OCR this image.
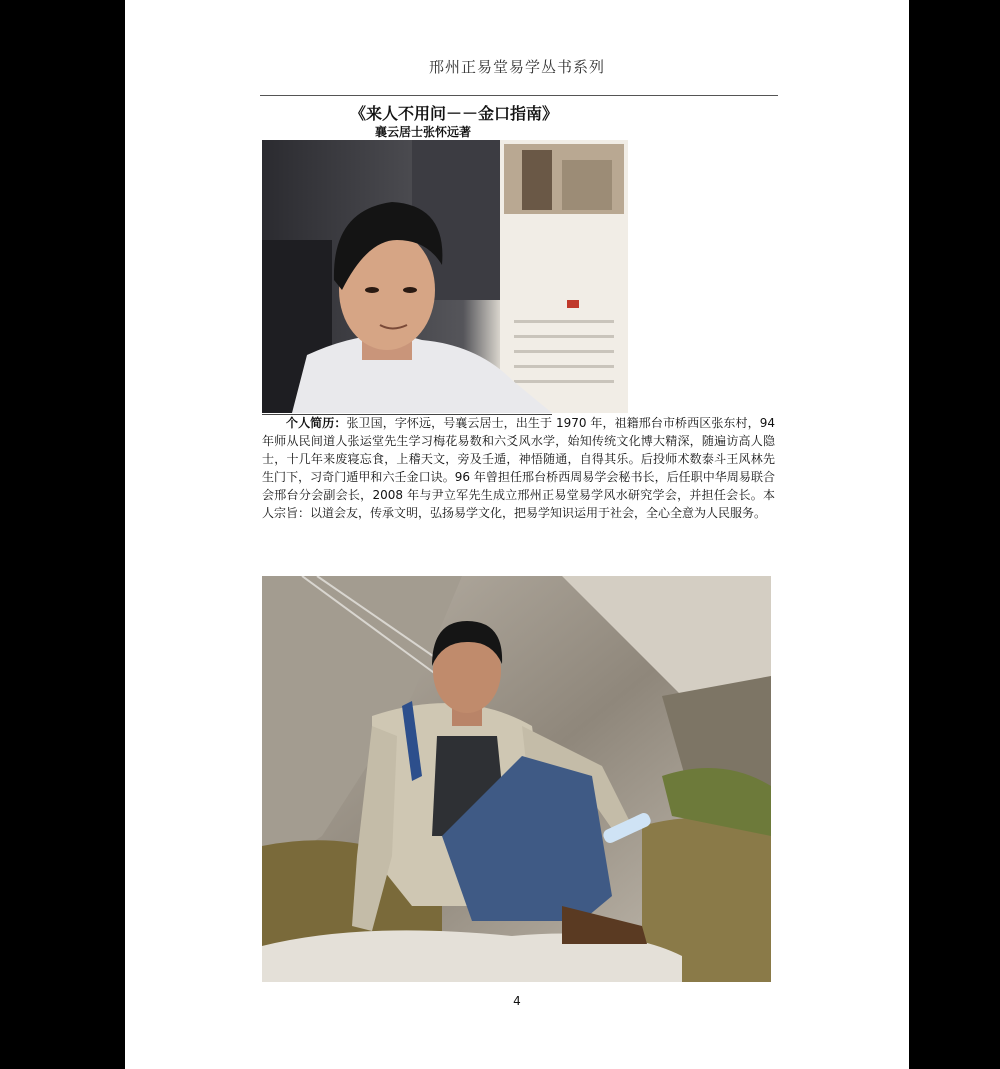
邢州正易堂易学丛书系列
《来人不用问－－金口指南》
襄云居士张怀远著
个人简历：张卫国，字怀远，号襄云居士，出生于 1970 年，祖籍邢台市桥西区张东村，94 年师从民间道人张运堂先生学习梅花易数和六爻风水学，始知传统文化博大精深，随遍访高人隐士，十几年来废寝忘食，上稽天文，旁及壬遁，神悟随通，自得其乐。后投师术数泰斗王风林先生门下，习奇门遁甲和六壬金口诀。96 年曾担任邢台桥西周易学会秘书长，后任职中华周易联合会邢台分会副会长，2008 年与尹立军先生成立邢州正易堂易学风水研究学会，并担任会长。本人宗旨：以道会友，传承文明，弘扬易学文化，把易学知识运用于社会，全心全意为人民服务。
4
